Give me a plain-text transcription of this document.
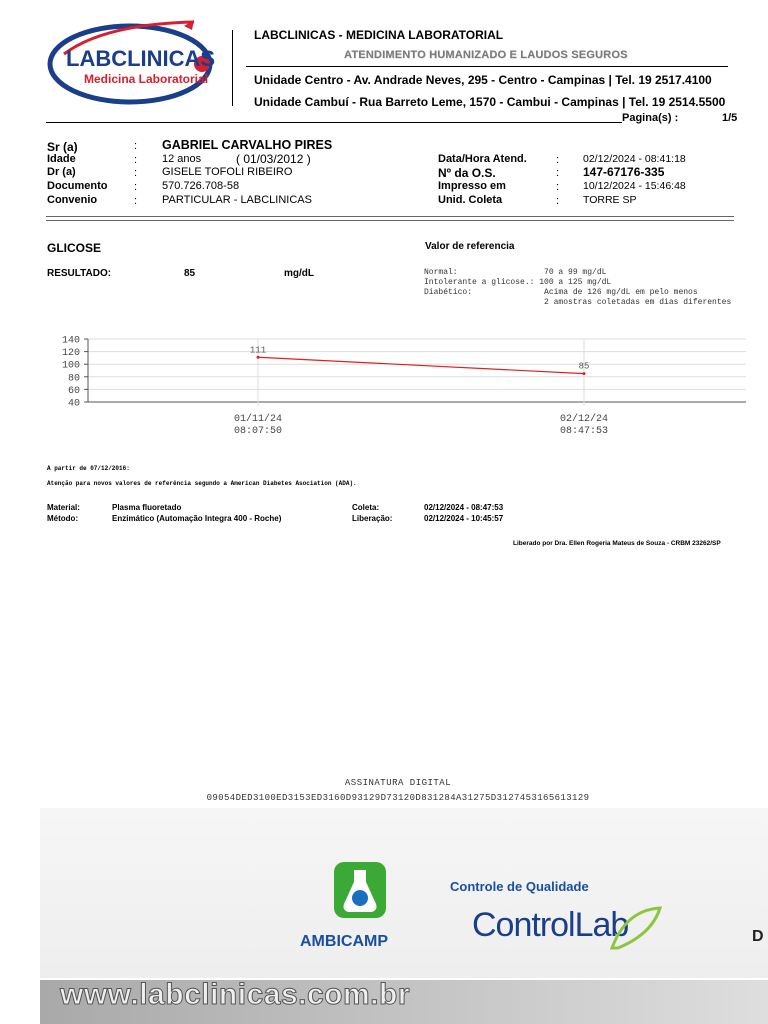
LABCLINICAS
Medicina Laboratorial
LABCLINICAS - MEDICINA LABORATORIAL
ATENDIMENTO HUMANIZADO E LAUDOS SEGUROS
Unidade Centro - Av. Andrade Neves, 295 - Centro - Campinas | Tel. 19 2517.4100
Unidade Cambuí - Rua Barreto Leme, 1570 - Cambui - Campinas | Tel. 19 2514.5500
Pagina(s) :	1/5
Sr (a)	: GABRIEL CARVALHO PIRES
Idade	: 12 anos	( 01/03/2012 )
Dr (a)	: GISELE TOFOLI RIBEIRO
Documento : 570.726.708-58
Convenio	: PARTICULAR - LABCLINICAS
Data/Hora Atend.	: 02/12/2024 - 08:41:18
Nº da O.S.	: 147-67176-335
Impresso em	: 10/12/2024 - 15:46:48
Unid. Coleta	: TORRE SP
GLICOSE	Valor de referencia
RESULTADO:	85	mg/dL	Normal:                  70 a 99 mg/dL
Intolerante a glicose.: 100 a 125 mg/dL
Diabético:               Acima de 126 mg/dL em pelo menos
2 amostras coletadas em dias diferentes
140
120
100
80
60
40
01/11/24
08:07:50
02/12/24
08:47:53
111
85
A partir de 07/12/2016:
Atenção para novos valores de referência segundo a American Diabetes Asociation (ADA).
Material:	Plasma fluoretado
Método:	Enzimático (Automação Integra 400 - Roche)
Coleta:	02/12/2024 - 08:47:53
Liberação:	02/12/2024 - 10:45:57
Liberado por Dra. Ellen Rogeria Mateus de Souza - CRBM 23262/SP
ASSINATURA DIGITAL
09054DED3100ED3153ED3160D93129D73120D831284A31275D3127453165613129
AMBICAMP
Controle de Qualidade
ControlLab	D
www.labclinicas.com.br
